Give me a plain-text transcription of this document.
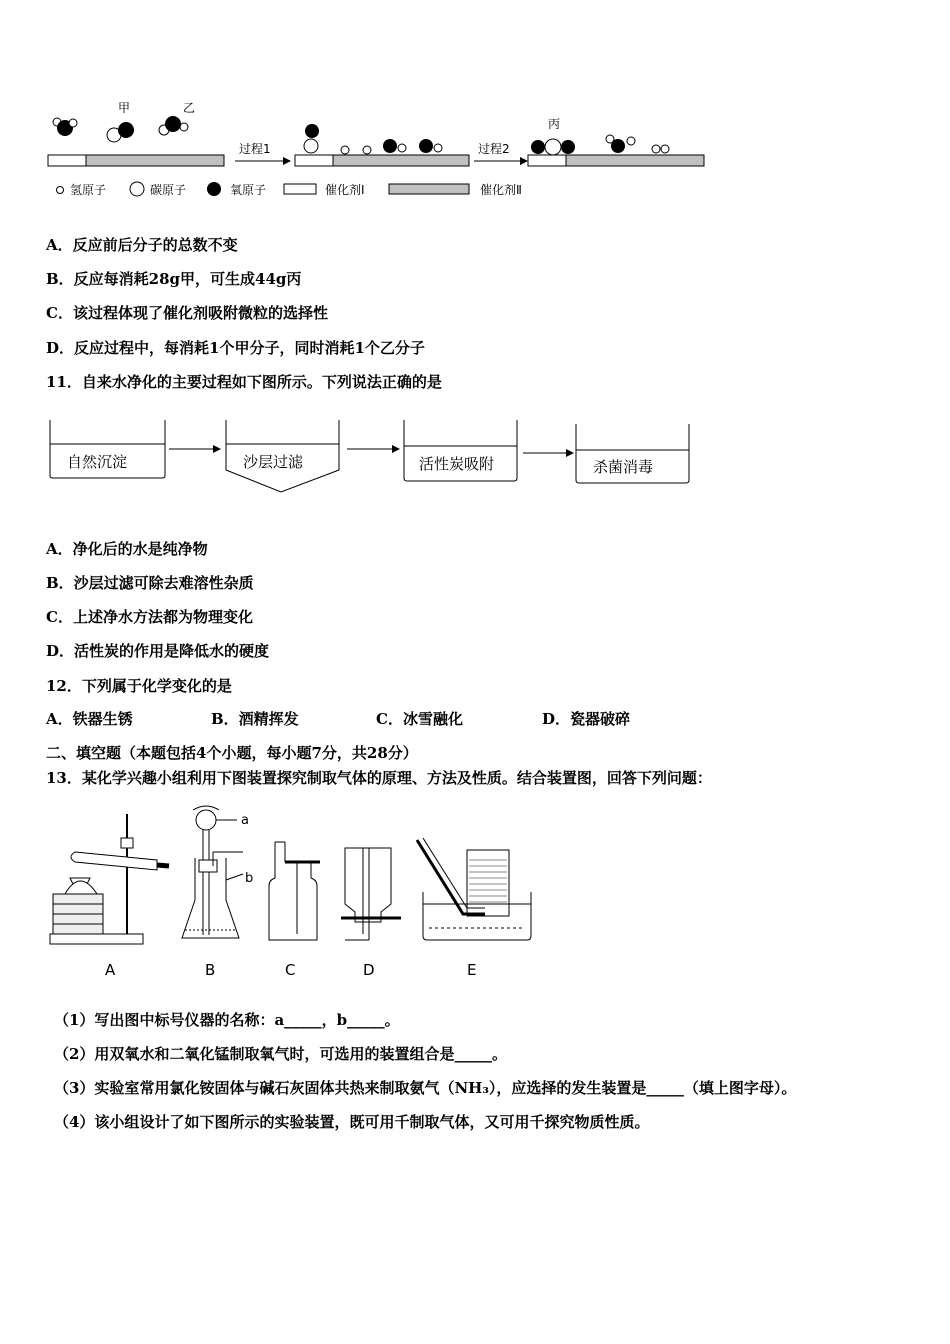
甲	乙
过程1	过程2
丙
氢原子	碳原子	氧原子	催化剂Ⅰ	催化剂Ⅱ
A．反应前后分子的总数不变
B．反应每消耗28g甲，可生成44g丙
C．该过程体现了催化剂吸附微粒的选择性
D．反应过程中，每消耗1个甲分子，同时消耗1个乙分子
11．自来水净化的主要过程如下图所示。下列说法正确的是
自然沉淀	沙层过滤	活性炭吸附	杀菌消毒
A．净化后的水是纯净物
B．沙层过滤可除去难溶性杂质
C．上述净水方法都为物理变化
D．活性炭的作用是降低水的硬度
12．下列属于化学变化的是
A．铁器生锈	B．酒精挥发	C．冰雪融化	D．瓷器破碎
二、填空题（本题包括4个小题，每小题7分，共28分）
13．某化学兴趣小组利用下图装置探究制取气体的原理、方法及性质。结合装置图，回答下列问题：
A
a
b
B	C	D	E
（1）写出图中标号仪器的名称：a_____，b_____。
（2）用双氧水和二氧化锰制取氧气时，可选用的装置组合是_____。
（3）实验室常用氯化铵固体与碱石灰固体共热来制取氨气（NH₃），应选择的发生装置是_____（填上图字母）。
（4）该小组设计了如下图所示的实验装置，既可用千制取气体，又可用千探究物质性质。
